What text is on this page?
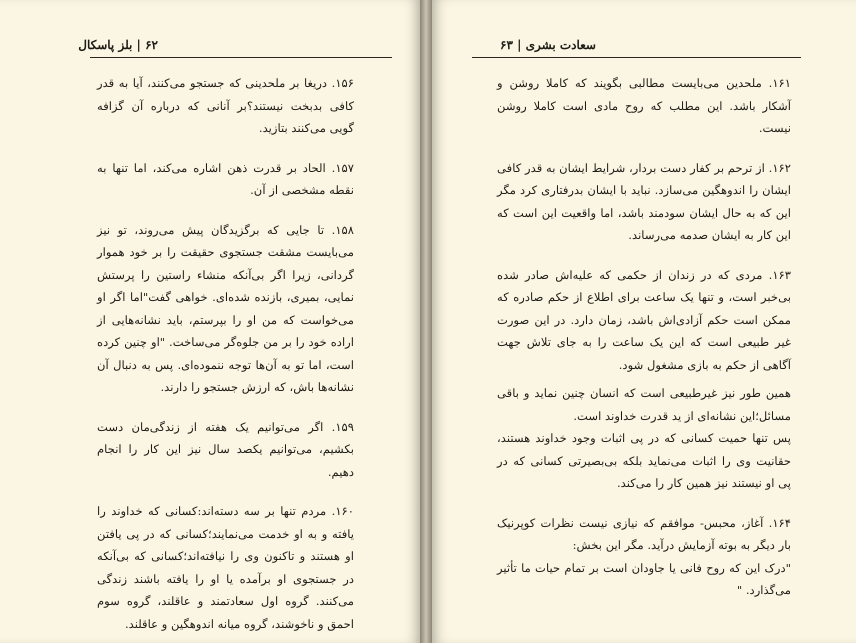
۶۲ | بلز پاسکال

۱۵۶. دریغا بر ملحدینی که جستجو می‌کنند، آیا به قدر کافی بدبخت نیستند؟بر آنانی که درباره آن گزافه گویی می‌کنند بتازید.

۱۵۷. الحاد بر قدرت ذهن اشاره می‌کند، اما تنها به نقطه مشخصی از آن.

۱۵۸. تا جایی که برگزیدگان پیش می‌روند، تو نیز می‌بایست مشقت جستجوی حقیقت را بر خود هموار گردانی، زیرا اگر بی‌آنکه منشاء راستین را پرستش نمایی، بمیری، بازنده شده‌ای. خواهی گفت"اما اگر او می‌خواست که من او را بپرستم، باید نشانه‌هایی از اراده خود را بر من جلوه‌گر می‌ساخت. "او چنین کرده است، اما تو به آن‌ها توجه ننموده‌ای. پس به دنبال آن نشانه‌ها باش، که ارزش جستجو را دارند.

۱۵۹. اگر می‌توانیم یک هفته از زندگی‌مان دست بکشیم، می‌توانیم یکصد سال نیز این کار را انجام دهیم.

۱۶۰. مردم تنها بر سه دسته‌اند:کسانی که خداوند را یافته و به او خدمت می‌نمایند؛کسانی که در پی یافتن او هستند و تاکنون وی را نیافته‌اند؛کسانی که بی‌آنکه در جستجوی او برآمده یا او را یافته باشند زندگی می‌کنند. گروه اول سعادتمند و عاقلند، گروه سوم احمق و ناخوشند، گروه میانه اندوهگین و عاقلند.

سعادت بشری | ۶۳

۱۶۱. ملحدین می‌بایست مطالبی بگویند که کاملا روشن و آشکار باشد. این مطلب که روح مادی است کاملا روشن نیست.

۱۶۲. از ترحم بر کفار دست بردار، شرایط ایشان به قدر کافی ایشان را اندوهگین می‌سازد. نباید با ایشان بدرفتاری کرد مگر این که به حال ایشان سودمند باشد، اما واقعیت این است که این کار به ایشان صدمه می‌رساند.

۱۶۳. مردی که در زندان از حکمی که علیه‌اش صادر شده بی‌خبر است، و تنها یک ساعت برای اطلاع از حکم صادره که ممکن است حکم آزادی‌اش باشد، زمان دارد. در این صورت غیر طبیعی است که این یک ساعت را به جای تلاش جهت آگاهی از حکم به بازی مشغول شود.

همین طور نیز غیرطبیعی است که انسان چنین نماید و باقی مسائل؛این نشانه‌ای از ید قدرت خداوند است.

پس تنها حمیت کسانی که در پی اثبات وجود خداوند هستند، حقانیت وی را اثبات می‌نماید بلکه بی‌بصیرتی کسانی که در پی او نیستند نیز همین کار را می‌کند.

۱۶۴. آغاز، محبس- موافقم که نیازی نیست نظرات کوپرنیک بار دیگر به بوته آزمایش درآید. مگر این بخش:

"درک این که روح فانی یا جاودان است بر تمام حیات ما تأثیر می‌گذارد. "
